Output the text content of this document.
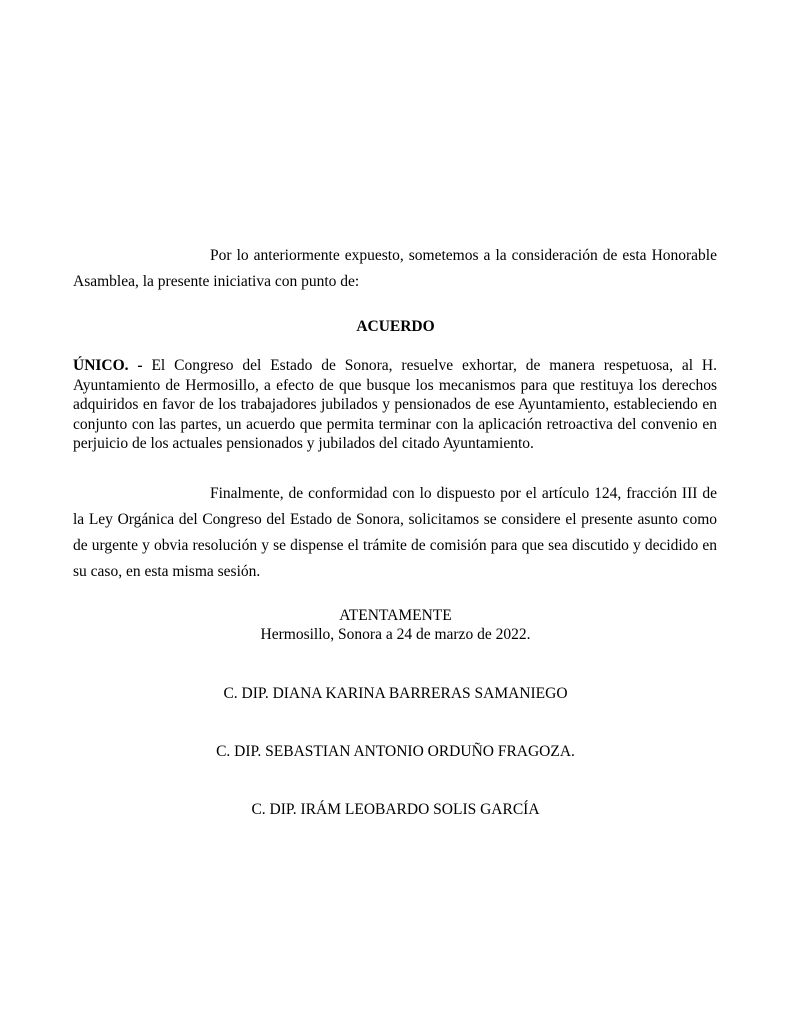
Por lo anteriormente expuesto, sometemos a la consideración de esta Honorable Asamblea, la presente iniciativa con punto de:

ACUERDO

ÚNICO. - El Congreso del Estado de Sonora, resuelve exhortar, de manera respetuosa, al H. Ayuntamiento de Hermosillo, a efecto de que busque los mecanismos para que restituya los derechos adquiridos en favor de los trabajadores jubilados y pensionados de ese Ayuntamiento, estableciendo en conjunto con las partes, un acuerdo que permita terminar con la aplicación retroactiva del convenio en perjuicio de los actuales pensionados y jubilados del citado Ayuntamiento.

Finalmente, de conformidad con lo dispuesto por el artículo 124, fracción III de la Ley Orgánica del Congreso del Estado de Sonora, solicitamos se considere el presente asunto como de urgente y obvia resolución y se dispense el trámite de comisión para que sea discutido y decidido en su caso, en esta misma sesión.

ATENTAMENTE

Hermosillo, Sonora a 24 de marzo de 2022.

C. DIP. DIANA KARINA BARRERAS SAMANIEGO

C. DIP. SEBASTIAN ANTONIO ORDUÑO FRAGOZA.

C. DIP. IRÁM LEOBARDO SOLIS GARCÍA
